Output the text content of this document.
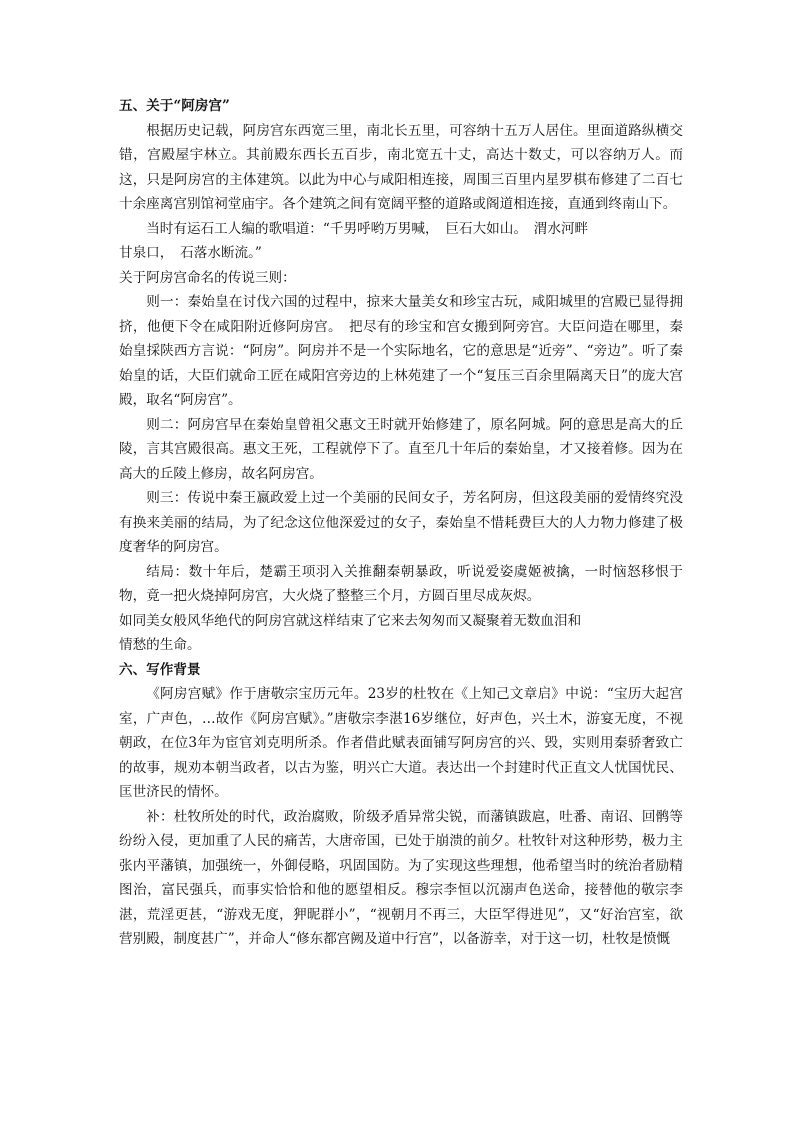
五、关于“阿房宫”

根据历史记载，阿房宫东西宽三里，南北长五里，可容纳十五万人居住。里面道路纵横交错，宫殿屋宇林立。其前殿东西长五百步，南北宽五十丈，高达十数丈，可以容纳万人。而这，只是阿房宫的主体建筑。以此为中心与咸阳相连接，周围三百里内星罗棋布修建了二百七十余座离宫别馆祠堂庙宇。各个建筑之间有宽阔平整的道路或阁道相连接，直通到终南山下。

当时有运石工人编的歌唱道：“千男呼哟万男喊，　巨石大如山。　渭水河畔

甘泉口，　石落水断流。”

关于阿房宫命名的传说三则：

则一：秦始皇在讨伐六国的过程中，掠来大量美女和珍宝古玩，咸阳城里的宫殿已显得拥挤，他便下令在咸阳附近修阿房宫。　把尽有的珍宝和宫女搬到阿旁宫。大臣问造在哪里，秦始皇採陕西方言说：“阿房”。阿房并不是一个实际地名，它的意思是“近旁”、“旁边”。听了秦始皇的话，大臣们就命工匠在咸阳宫旁边的上林苑建了一个“复压三百余里隔离天日”的庞大宫殿，取名“阿房宫”。

则二：阿房宫早在秦始皇曾祖父惠文王时就开始修建了，原名阿城。阿的意思是高大的丘陵，言其宫殿很高。惠文王死，工程就停下了。直至几十年后的秦始皇，才又接着修。因为在高大的丘陵上修房，故名阿房宫。

则三：传说中秦王嬴政爱上过一个美丽的民间女子，芳名阿房，但这段美丽的爱情终究没有换来美丽的结局，为了纪念这位他深爱过的女子，秦始皇不惜耗费巨大的人力物力修建了极度奢华的阿房宫。

结局：数十年后，楚霸王项羽入关推翻秦朝暴政，听说爱姿虞姬被擒，一时恼怒移恨于物，竟一把火烧掉阿房宫，大火烧了整整三个月，方圆百里尽成灰烬。

如同美女般风华绝代的阿房宫就这样结束了它来去匆匆而又凝聚着无数血泪和

情愁的生命。

六、写作背景

《阿房宫赋》作于唐敬宗宝历元年。23岁的杜牧在《上知己文章启》中说：“宝历大起宫室，广声色，…故作《阿房宫赋》。”唐敬宗李湛16岁继位，好声色，兴土木，游宴无度，不视朝政，在位3年为宦官刘克明所杀。作者借此赋表面铺写阿房宫的兴、毁，实则用秦骄奢致亡的故事，规劝本朝当政者，以古为鉴，明兴亡大道。表达出一个封建时代正直文人忧国忧民、匡世济民的情怀。

补：杜牧所处的时代，政治腐败，阶级矛盾异常尖锐，而藩镇跋扈，吐番、南诏、回鹘等纷纷入侵，更加重了人民的痛苦，大唐帝国，已处于崩溃的前夕。杜牧针对这种形势，极力主张内平藩镇，加强统一，外御侵略，巩固国防。为了实现这些理想，他希望当时的统治者励精图治，富民强兵，而事实恰恰和他的愿望相反。穆宗李恒以沉溺声色送命，接替他的敬宗李湛，荒淫更甚，“游戏无度，狎昵群小”，“视朝月不再三，大臣罕得进见”，又“好治宫室，欲营别殿，制度甚广”，并命人“修东都宫阙及道中行宫”，以备游幸，对于这一切，杜牧是愤慨
